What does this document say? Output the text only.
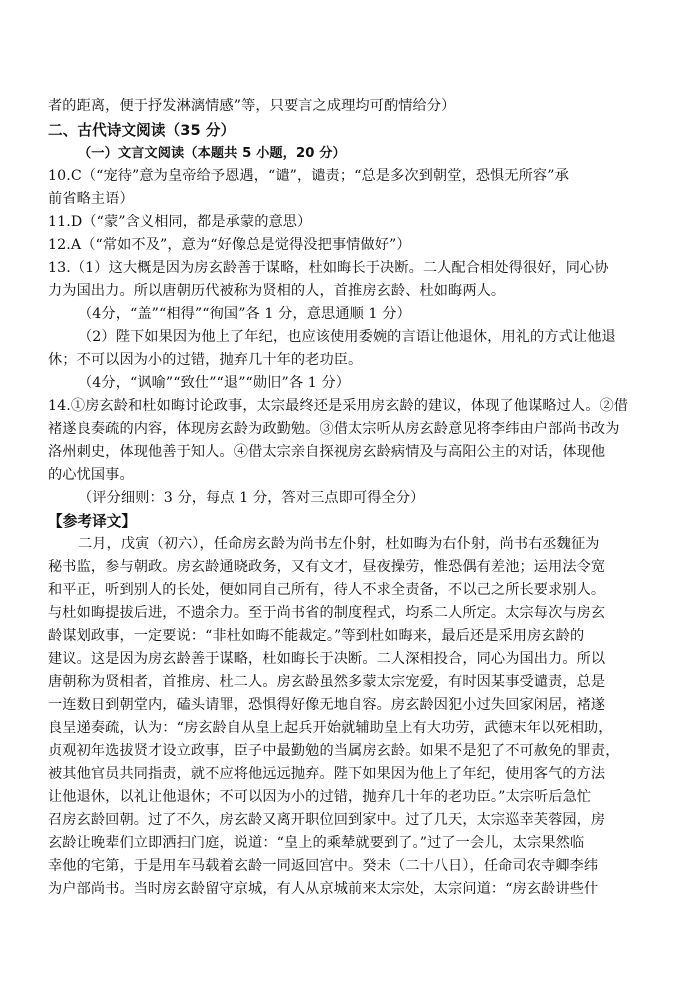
者的距离，便于抒发淋漓情感”等，只要言之成理均可酌情给分）
二、古代诗文阅读（35 分）
（一）文言文阅读（本题共 5 小题，20 分）
10.C（“宠待”意为皇帝给予恩遇，“谴”，谴责；“总是多次到朝堂，恐惧无所容”承
前省略主语）
11.D（“蒙”含义相同，都是承蒙的意思）
12.A（“常如不及”，意为“好像总是觉得没把事情做好”）
13.（1）这大概是因为房玄龄善于谋略，杜如晦长于决断。二人配合相处得很好，同心协
力为国出力。所以唐朝历代被称为贤相的人，首推房玄龄、杜如晦两人。
（4分，“盖”“相得”“徇国”各 1 分，意思通顺 1 分）
（2）陛下如果因为他上了年纪，也应该使用委婉的言语让他退休，用礼的方式让他退
休；不可以因为小的过错，抛弃几十年的老功臣。
（4分，“讽喻”“致仕”“退”“勋旧”各 1 分）
14.①房玄龄和杜如晦讨论政事，太宗最终还是采用房玄龄的建议，体现了他谋略过人。②借
褚遂良奏疏的内容，体现房玄龄为政勤勉。③借太宗听从房玄龄意见将李纬由户部尚书改为
洛州刺史，体现他善于知人。④借太宗亲自探视房玄龄病情及与高阳公主的对话，体现他
的心忧国事。
（评分细则：3 分，每点 1 分，答对三点即可得全分）
【参考译文】
二月，戊寅（初六），任命房玄龄为尚书左仆射，杜如晦为右仆射，尚书右丞魏征为
秘书监，参与朝政。房玄龄通晓政务，又有文才，昼夜操劳，惟恐偶有差池；运用法令宽
和平正，听到别人的长处，便如同自己所有，待人不求全责备，不以己之所长要求别人。
与杜如晦提拔后进，不遗余力。至于尚书省的制度程式，均系二人所定。太宗每次与房玄
龄谋划政事，一定要说：“非杜如晦不能裁定。”等到杜如晦来，最后还是采用房玄龄的
建议。这是因为房玄龄善于谋略，杜如晦长于决断。二人深相投合，同心为国出力。所以
唐朝称为贤相者，首推房、杜二人。房玄龄虽然多蒙太宗宠爱，有时因某事受谴责，总是
一连数日到朝堂内，磕头请罪，恐惧得好像无地自容。房玄龄因犯小过失回家闲居，褚遂
良呈递奏疏，认为：“房玄龄自从皇上起兵开始就辅助皇上有大功劳，武德末年以死相助，
贞观初年选拔贤才设立政事，臣子中最勤勉的当属房玄龄。如果不是犯了不可赦免的罪责，
被其他官员共同指责，就不应将他远远抛弃。陛下如果因为他上了年纪，使用客气的方法
让他退休，以礼让他退休；不可以因为小的过错，抛弃几十年的老功臣。”太宗听后急忙
召房玄龄回朝。过了不久，房玄龄又离开职位回到家中。过了几天，太宗巡幸芙蓉园，房
玄龄让晚辈们立即洒扫门庭，说道：“皇上的乘辇就要到了。”过了一会儿，太宗果然临
幸他的宅第，于是用车马载着玄龄一同返回宫中。癸未（二十八日），任命司农寺卿李纬
为户部尚书。当时房玄龄留守京城，有人从京城前来太宗处，太宗问道：“房玄龄讲些什
